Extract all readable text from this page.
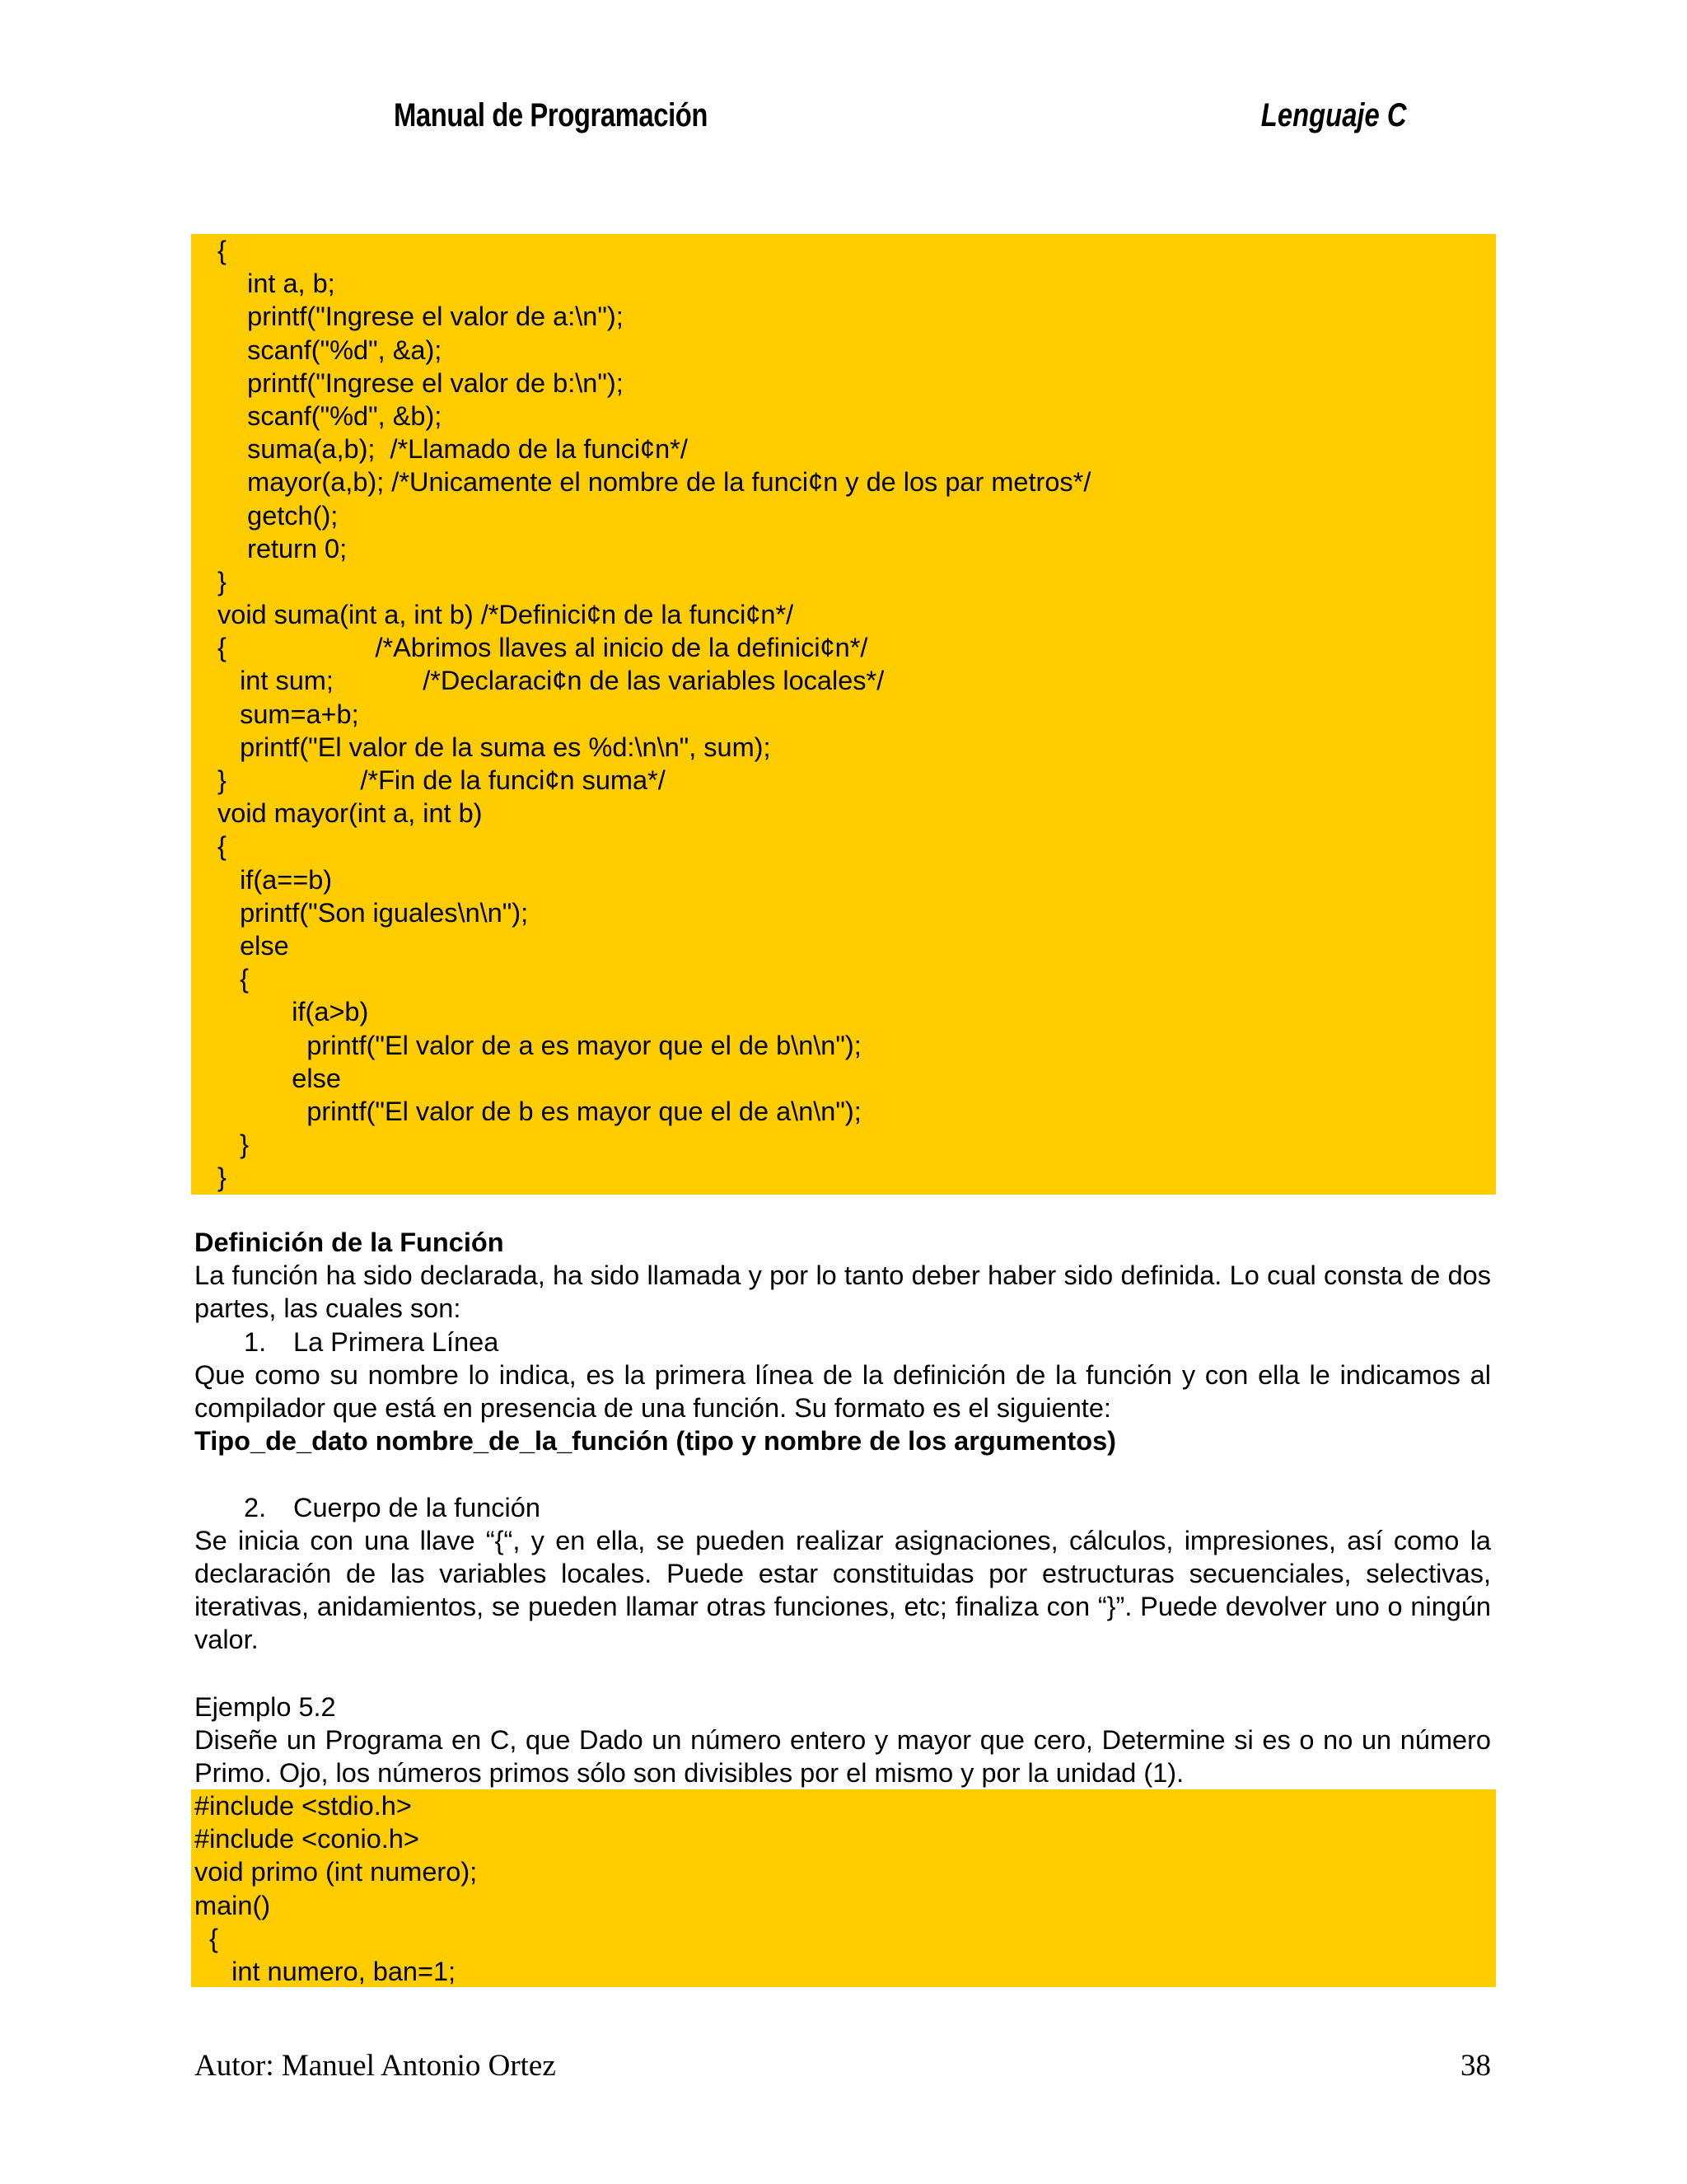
Manual de Programación	Lenguaje C
{
int a, b;
printf("Ingrese el valor de a:\n");
scanf("%d", &a);
printf("Ingrese el valor de b:\n");
scanf("%d", &b);
suma(a,b);  /*Llamado de la funci¢n*/
mayor(a,b); /*Unicamente el nombre de la funci¢n y de los par metros*/
getch();
return 0;
}
void suma(int a, int b) /*Definici¢n de la funci¢n*/
{                    /*Abrimos llaves al inicio de la definici¢n*/
int sum;            /*Declaraci¢n de las variables locales*/
sum=a+b;
printf("El valor de la suma es %d:\n\n", sum);
}                  /*Fin de la funci¢n suma*/
void mayor(int a, int b)
{
if(a==b)
printf("Son iguales\n\n");
else
{
if(a>b)
printf("El valor de a es mayor que el de b\n\n");
else
printf("El valor de b es mayor que el de a\n\n");
}
}
Definición de la Función
La función ha sido declarada, ha sido llamada y por lo tanto deber haber sido definida. Lo cual consta de dos partes, las cuales son:
1. La Primera Línea
Que como su nombre lo indica, es la primera línea de la definición de la función y con ella le indicamos al compilador que está en presencia de una función. Su formato es el siguiente:
Tipo_de_dato nombre_de_la_función (tipo y nombre de los argumentos)
2. Cuerpo de la función
Se inicia con una llave “{“, y en ella, se pueden realizar asignaciones, cálculos, impresiones, así como la declaración de las variables locales. Puede estar constituidas por estructuras secuenciales, selectivas, iterativas, anidamientos, se pueden llamar otras funciones, etc; finaliza con “}”. Puede devolver uno o ningún valor.
Ejemplo 5.2
Diseñe un Programa en C, que Dado un número entero y mayor que cero, Determine si es o no un número Primo. Ojo, los números primos sólo son divisibles por el mismo y por la unidad (1).
#include <stdio.h>
#include <conio.h>
void primo (int numero);
main()
{
int numero, ban=1;
Autor: Manuel Antonio Ortez	38
